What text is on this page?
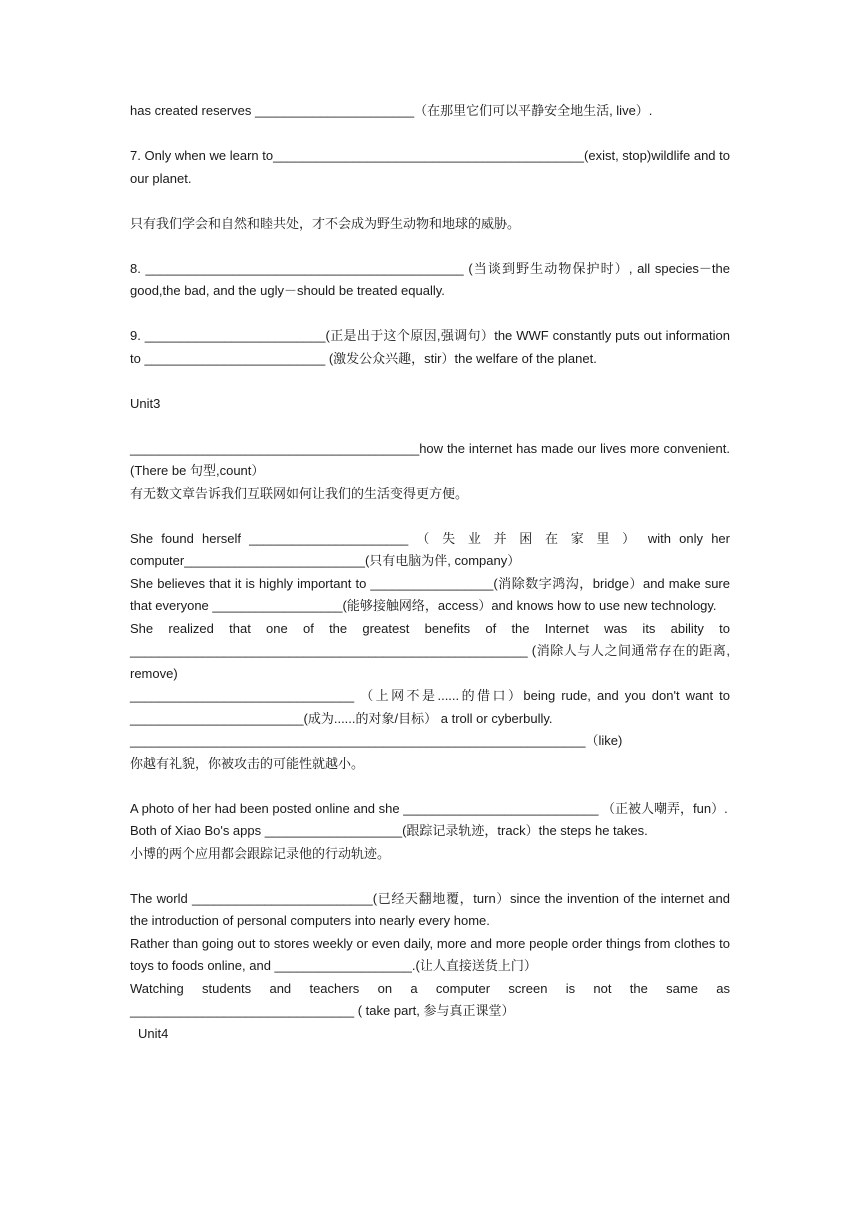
has created reserves ______________________（在那里它们可以平静安全地生活, live）.

7. Only when we learn to___________________________________________(exist, stop)wildlife and to our planet.

只有我们学会和自然和睦共处，才不会成为野生动物和地球的威胁。

8. ____________________________________________ (当谈到野生动物保护时）, all species－the good,the bad, and the ugly－should be treated equally.

9. _________________________(正是出于这个原因,强调句）the WWF constantly puts out information to _________________________ (激发公众兴趣，stir）the welfare of the planet.

Unit3

________________________________________how the internet has made our lives more convenient. (There be 句型,count）

有无数文章告诉我们互联网如何让我们的生活变得更方便。

She found herself ______________________ （ 失 业 并 困 在 家 里 ） with only her computer_________________________(只有电脑为伴, company）

She believes that it is highly important to _________________(消除数字鸿沟，bridge）and make sure that everyone __________________(能够接触网络，access）and knows how to use new technology.

She realized that one of the greatest benefits of the Internet was its ability to _______________________________________________________ (消除人与人之间通常存在的距离, remove)

_______________________________ （上网不是......的借口）being rude, and you don't want to ________________________(成为......的对象/目标） a troll or cyberbully.

_______________________________________________________________（like)

你越有礼貌，你被攻击的可能性就越小。

A photo of her had been posted online and she ___________________________ （正被人嘲弄，fun）.

Both of Xiao Bo's apps ___________________(跟踪记录轨迹，track）the steps he takes.

小博的两个应用都会跟踪记录他的行动轨迹。

The world _________________________(已经天翻地覆，turn）since the invention of the internet and the introduction of personal computers into nearly every home.

Rather than going out to stores weekly or even daily, more and more people order things from clothes to toys to foods online, and ___________________.(让人直接送货上门）

Watching students and teachers on a computer screen is not the same as _______________________________ ( take part, 参与真正课堂）

Unit4
